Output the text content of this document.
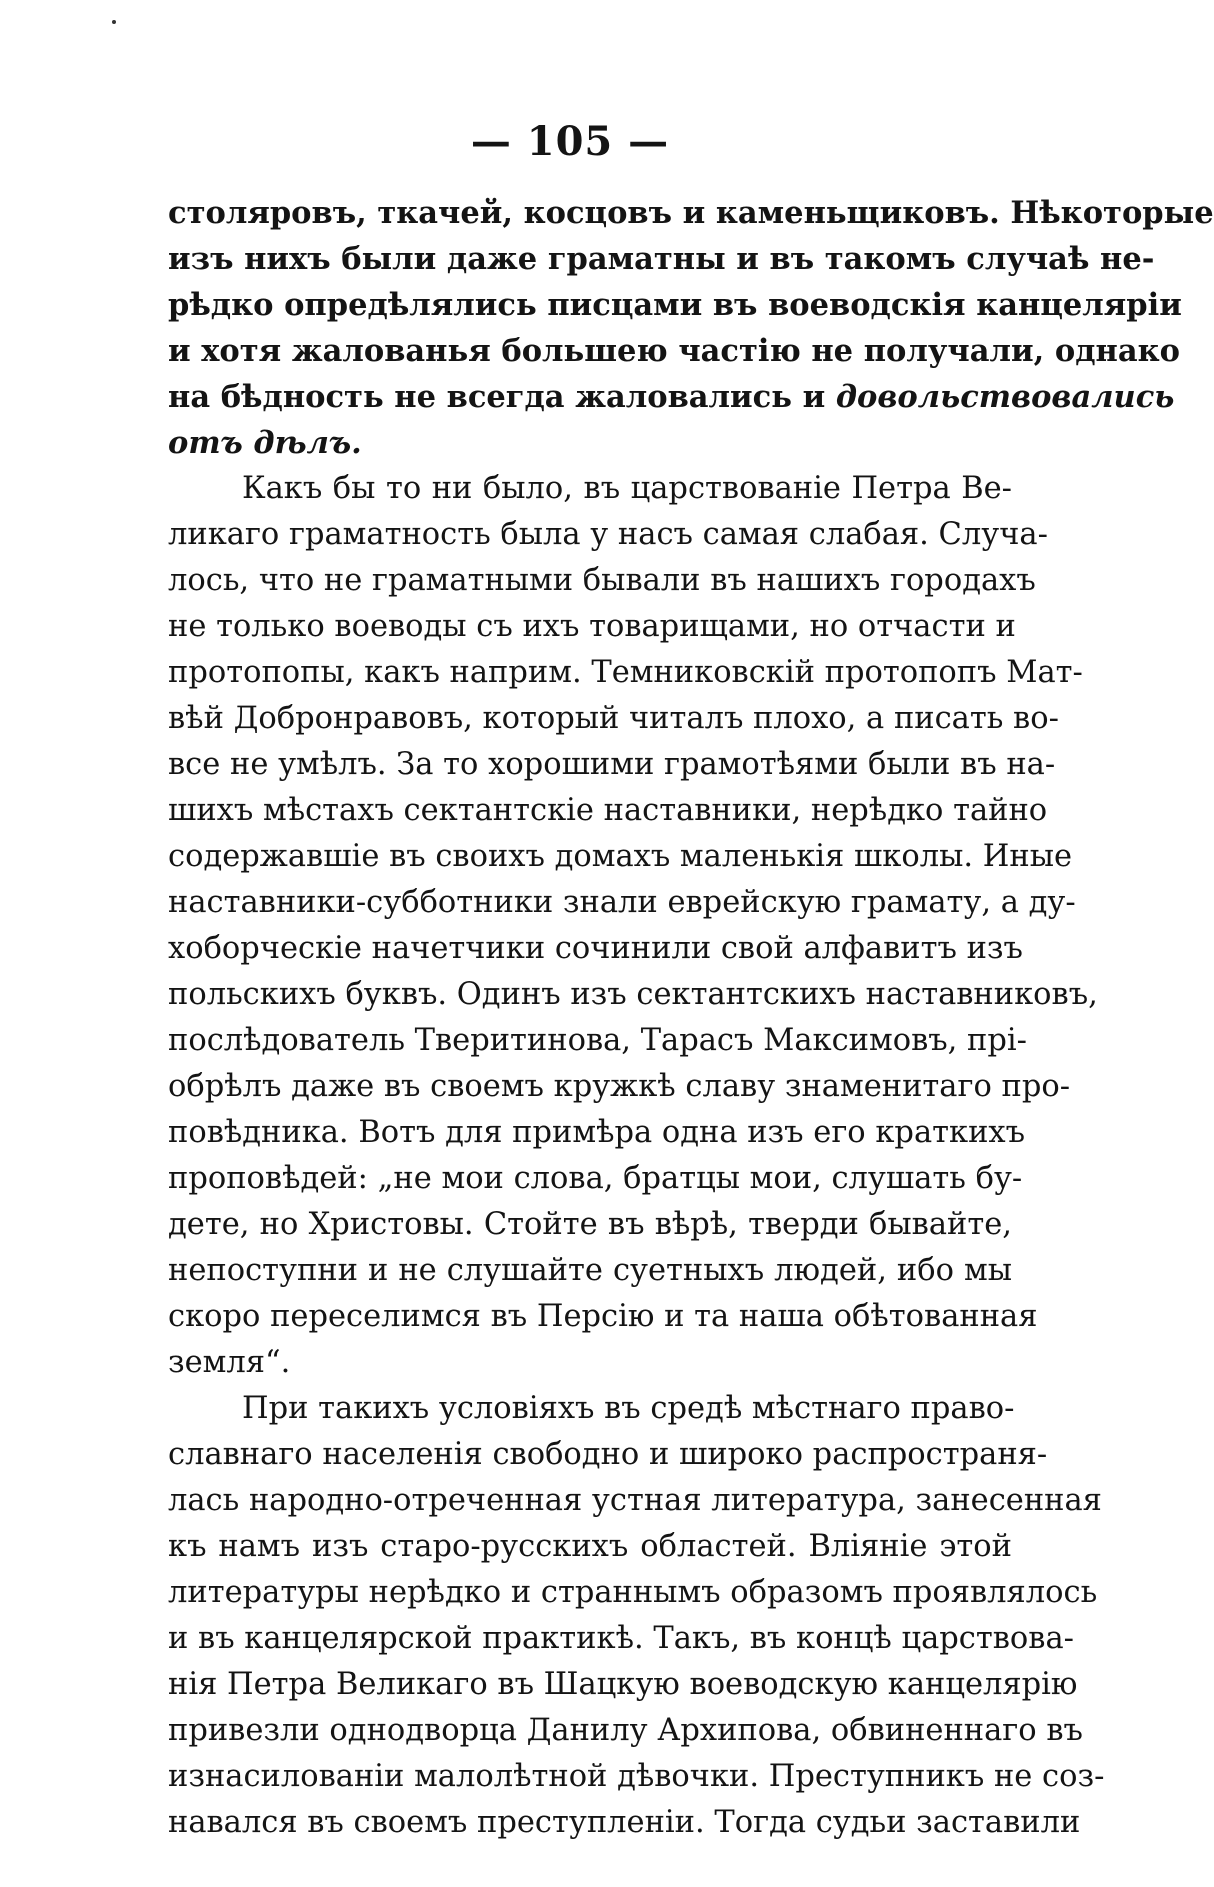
— 105 —
столяровъ, ткачей, косцовъ и каменьщиковъ. Нѣкоторые
изъ нихъ были даже граматны и въ такомъ случаѣ не-
рѣдко опредѣлялись писцами въ воеводскія канцеляріи
и хотя жалованья большею частію не получали, однако
на бѣдность не всегда жаловались и довольствовались
отъ дѣлъ.
Какъ бы то ни было, въ царствованіе Петра Ве-
ликаго граматность была у насъ самая слабая. Случа-
лось, что не граматными бывали въ нашихъ городахъ
не только воеводы съ ихъ товарищами, но отчасти и
протопопы, какъ наприм. Темниковскій протопопъ Мат-
вѣй Добронравовъ, который читалъ плохо, а писать во-
все не умѣлъ. За то хорошими грамотѣями были въ на-
шихъ мѣстахъ сектантскіе наставники, нерѣдко тайно
содержавшіе въ своихъ домахъ маленькія школы. Иные
наставники-субботники знали еврейскую грамату, а ду-
хоборческіе начетчики сочинили свой алфавитъ изъ
польскихъ буквъ. Одинъ изъ сектантскихъ наставниковъ,
послѣдователь Тверитинова, Тарасъ Максимовъ, прі-
обрѣлъ даже въ своемъ кружкѣ славу знаменитаго про-
повѣдника. Вотъ для примѣра одна изъ его краткихъ
проповѣдей: „не мои слова, братцы мои, слушать бу-
дете, но Христовы. Стойте въ вѣрѣ, тверди бывайте,
непоступни и не слушайте суетныхъ людей, ибо мы
скоро переселимся въ Персію и та наша обѣтованная
земля“.
При такихъ условіяхъ въ средѣ мѣстнаго право-
славнаго населенія свободно и широко распространя-
лась народно-отреченная устная литература, занесенная
къ намъ изъ старо-русскихъ областей. Вліяніе этой
литературы нерѣдко и страннымъ образомъ проявлялось
и въ канцелярской практикѣ. Такъ, въ концѣ царствова-
нія Петра Великаго въ Шацкую воеводскую канцелярію
привезли однодворца Данилу Архипова, обвиненнаго въ
изнасилованіи малолѣтной дѣвочки. Преступникъ не соз-
навался въ своемъ преступленіи. Тогда судьи заставили
